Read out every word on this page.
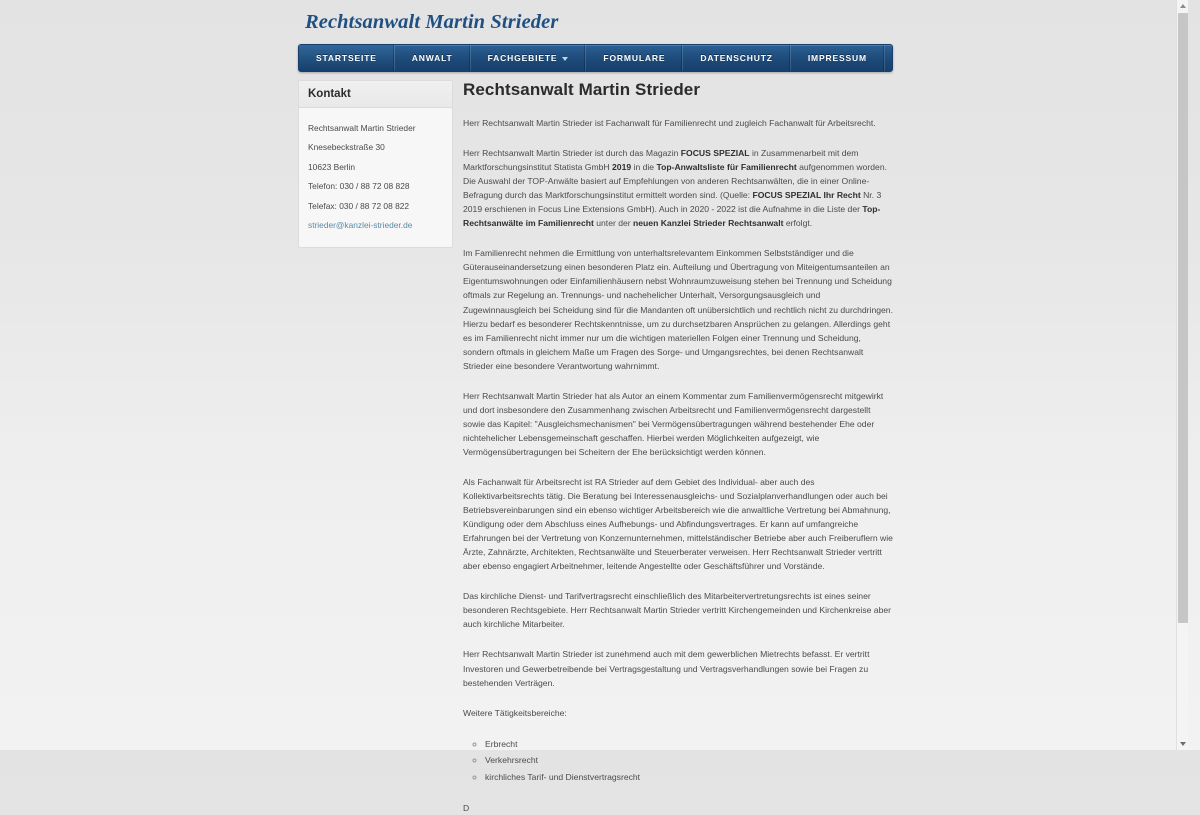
Rechtsanwalt Martin Strieder
STARTSEITE	ANWALT	FACHGEBIETE	FORMULARE	DATENSCHUTZ	IMPRESSUM
Kontakt
Rechtsanwalt Martin Strieder
Knesebeckstraße 30
10623 Berlin
Telefon: 030 / 88 72 08 828
Telefax: 030 / 88 72 08 822
strieder@kanzlei-strieder.de
Rechtsanwalt Martin Strieder

Herr Rechtsanwalt Martin Strieder ist Fachanwalt für Familienrecht und zugleich Fachanwalt für Arbeitsrecht.

Herr Rechtsanwalt Martin Strieder ist durch das Magazin FOCUS SPEZIAL in Zusammenarbeit mit dem Marktforschungsinstitut Statista GmbH 2019 in die Top-Anwaltsliste für Familienrecht aufgenommen worden. Die Auswahl der TOP-Anwälte basiert auf Empfehlungen von anderen Rechtsanwälten, die in einer Online-Befragung durch das Marktforschungsinstitut ermittelt worden sind. (Quelle: FOCUS SPEZIAL Ihr Recht Nr. 3 2019 erschienen in Focus Line Extensions GmbH). Auch in 2020 - 2022 ist die Aufnahme in die Liste der Top-Rechtsanwälte im Familienrecht unter der neuen Kanzlei Strieder Rechtsanwalt erfolgt.

Im Familienrecht nehmen die Ermittlung von unterhaltsrelevantem Einkommen Selbstständiger und die Güterauseinandersetzung einen besonderen Platz ein. Aufteilung und Übertragung von Miteigentumsanteilen an Eigentumswohnungen oder Einfamilienhäusern nebst Wohnraumzuweisung stehen bei Trennung und Scheidung oftmals zur Regelung an. Trennungs- und nachehelicher Unterhalt, Versorgungsausgleich und Zugewinnausgleich bei Scheidung sind für die Mandanten oft unübersichtlich und rechtlich nicht zu durchdringen. Hierzu bedarf es besonderer Rechtskenntnisse, um zu durchsetzbaren Ansprüchen zu gelangen. Allerdings geht es im Familienrecht nicht immer nur um die wichtigen materiellen Folgen einer Trennung und Scheidung, sondern oftmals in gleichem Maße um Fragen des Sorge- und Umgangsrechtes, bei denen Rechtsanwalt Strieder eine besondere Verantwortung wahrnimmt.

Herr Rechtsanwalt Martin Strieder hat als Autor an einem Kommentar zum Familienvermögensrecht mitgewirkt und dort insbesondere den Zusammenhang zwischen Arbeitsrecht und Familienvermögensrecht dargestellt sowie das Kapitel: "Ausgleichsmechanismen" bei Vermögensübertragungen während bestehender Ehe oder nichtehelicher Lebensgemeinschaft geschaffen. Hierbei werden Möglichkeiten aufgezeigt, wie Vermögensübertragungen bei Scheitern der Ehe berücksichtigt werden können.

Als Fachanwalt für Arbeitsrecht ist RA Strieder auf dem Gebiet des Individual- aber auch des Kollektivarbeitsrechts tätig. Die Beratung bei Interessenausgleichs- und Sozialplanverhandlungen oder auch bei Betriebsvereinbarungen sind ein ebenso wichtiger Arbeitsbereich wie die anwaltliche Vertretung bei Abmahnung, Kündigung oder dem Abschluss eines Aufhebungs- und Abfindungsvertrages. Er kann auf umfangreiche Erfahrungen bei der Vertretung von Konzernunternehmen, mittelständischer Betriebe aber auch Freiberuflern wie Ärzte, Zahnärzte, Architekten, Rechtsanwälte und Steuerberater verweisen. Herr Rechtsanwalt Strieder vertritt aber ebenso engagiert Arbeitnehmer, leitende Angestellte oder Geschäftsführer und Vorstände.

Das kirchliche Dienst- und Tarifvertragsrecht einschließlich des Mitarbeitervertretungsrechts ist eines seiner besonderen Rechtsgebiete. Herr Rechtsanwalt Martin Strieder vertritt Kirchengemeinden und Kirchenkreise aber auch kirchliche Mitarbeiter.

Herr Rechtsanwalt Martin Strieder ist zunehmend auch mit dem gewerblichen Mietrechts befasst. Er vertritt Investoren und Gewerbetreibende bei Vertragsgestaltung und Vertragsverhandlungen sowie bei Fragen zu bestehenden Verträgen.

Weitere Tätigkeitsbereiche:

◦ Erbrecht
◦ Verkehrsrecht
◦ kirchliches Tarif- und Dienstvertragsrecht

D
